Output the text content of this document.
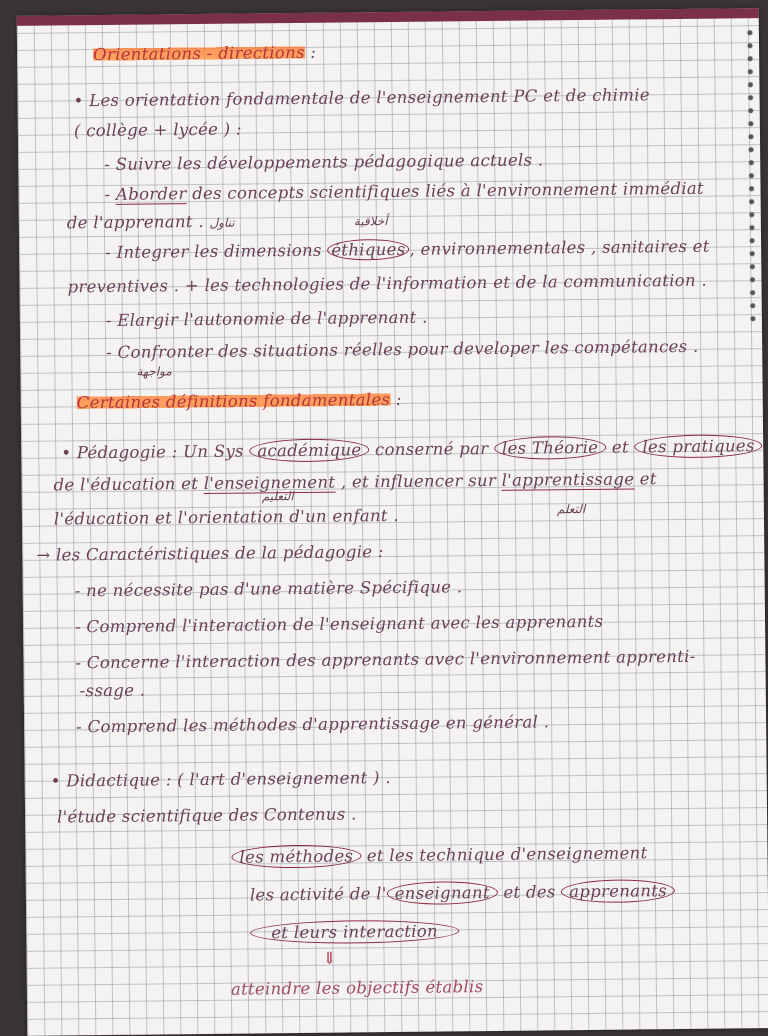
Orientations - directions :
• Les orientation fondamentale de l'enseignement PC et de chimie
( collège + lycée ) :
- Suivre les développements pédagogique actuels .
- Aborder des concepts scientifiques liés à l'environnement immédiat
de l'apprenant . تناول	أخلاقية
- Integrer les dimensions éthiques , environnementales , sanitaires et
preventives . + les technologies de l'information et de la communication .
- Elargir l'autonomie de l'apprenant .
- Confronter des situations réelles pour developer les compétances .
مواجهة
Certaines définitions fondamentales :
• Pédagogie : Un Sys académique conserné par les Théorie et les pratiques
التعليم
de l'éducation et l'enseignement , et influencer sur l'apprentissage et
التعلم
l'éducation et l'orientation d'un enfant .
→ les Caractéristiques de la pédagogie :
- ne nécessite pas d'une matière Spécifique .
- Comprend l'interaction de l'enseignant avec les apprenants
- Concerne l'interaction des apprenants avec l'environnement apprenti-
-ssage .
- Comprend les méthodes d'apprentissage en général .
• Didactique : ( l'art d'enseignement ) .
l'étude scientifique des Contenus .
les méthodes et les technique d'enseignement
les activité de l' enseignant et des apprenants
et leurs interaction
⇓
atteindre les objectifs établis
